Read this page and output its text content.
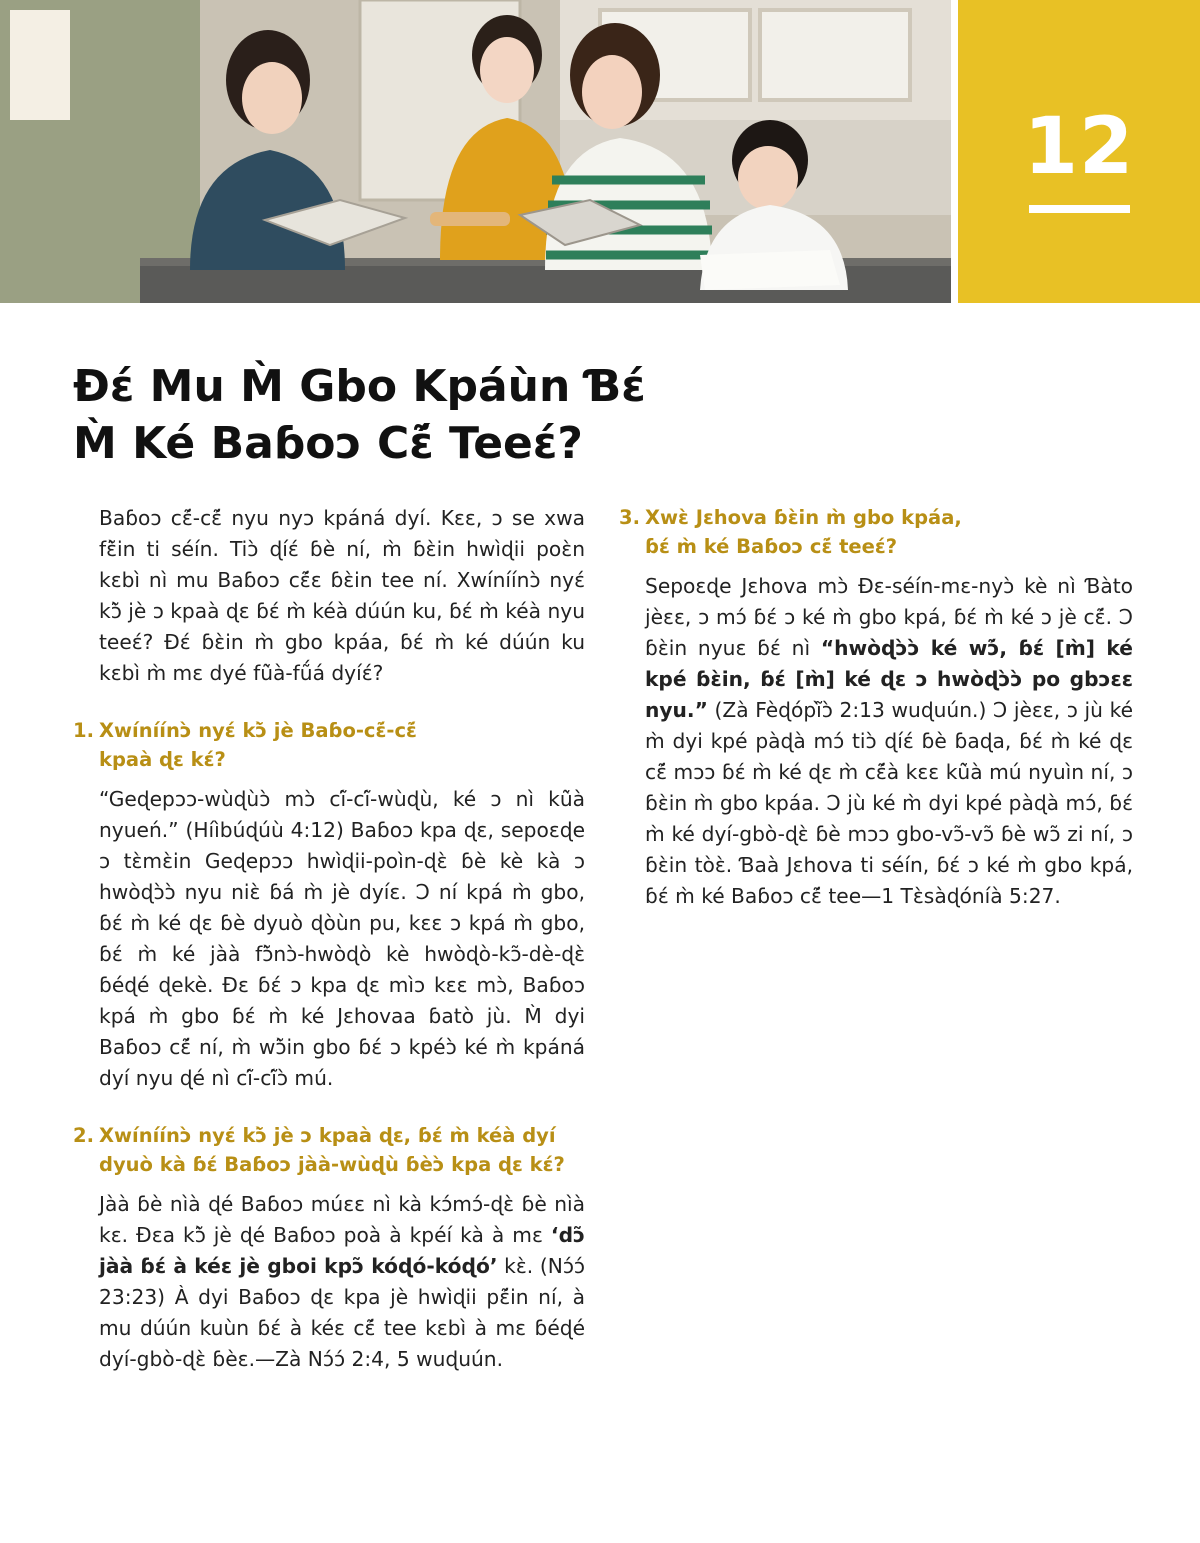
12
Ɖɛ́ Mu M̀ Gbo Kpáùn Ɓɛ́
M̀ Ké Baɓoɔ Cɛ̃́ Teeɛ́?

Baɓoɔ cɛ̃́-cɛ̃́ nyu nyɔ kpáná dyí. Kɛɛ, ɔ se xwa fɛ̃̀in ti séín. Tiɔ̀ ɖíɛ́ ɓè ní, m̀ ɓɛ̀in hwìɖii poɛ̀n kɛbì nì mu Baɓoɔ cɛ̃́ɛ ɓɛ̀in tee ní. Xwíníínɔ̀ nyɛ́ kɔ̃̀ jè ɔ kpaà ɖɛ ɓɛ́ m̀ kéà dúún ku, ɓɛ́ m̀ kéà nyu teeɛ́? Ɖɛ́ ɓɛ̀in m̀ gbo kpáa, ɓɛ́ m̀ ké dúún ku kɛbì m̀ mɛ dyé fũ̀à-fṹá dyíɛ́?

1. Xwíníínɔ̀ nyɛ́ kɔ̃̀ jè Baɓo-cɛ̃́-cɛ̃́
kpaà ɖɛ kɛ́?

“Geɖepɔɔ-wùɖùɔ̀ mɔ̀ cĩ́-cĩ́-wùɖù, ké ɔ nì kũ̀à nyueń.” (Híìbúɖúù 4:12) Baɓoɔ kpa ɖɛ, sepoɛɖe ɔ tɛ̀mɛ̀in Geɖepɔɔ hwìɖii-poìn-ɖɛ̀ ɓè kè kà ɔ hwòɖɔ̀ɔ̀ nyu niɛ̀ ɓá m̀ jè dyíɛ. Ɔ ní kpá m̀ gbo, ɓɛ́ m̀ ké ɖɛ ɓè dyuò ɖòùn pu, kɛɛ ɔ kpá m̀ gbo, ɓɛ́ m̀ ké jàà fɔ̃̀nɔ̀-hwòɖò kè hwòɖò-kɔ̃-dè-ɖɛ̀ ɓéɖé ɖekè. Ɖɛ ɓɛ́ ɔ kpa ɖɛ mìɔ kɛɛ mɔ̀, Baɓoɔ kpá m̀ gbo ɓɛ́ m̀ ké Jɛhovaa ɓatò jù. M̀ dyi Baɓoɔ cɛ̃́ ní, m̀ wɔ̃̀in gbo ɓɛ́ ɔ kpéɔ̀ ké m̀ kpáná dyí nyu ɖé nì cĩ́-cĩ́ɔ̀ mú.

2. Xwíníínɔ̀ nyɛ́ kɔ̃̀ jè ɔ kpaà ɖɛ, ɓɛ́ m̀ kéà dyí
dyuò kà ɓɛ́ Baɓoɔ jàà-wùɖù ɓèɔ̀ kpa ɖɛ kɛ́?

Jàà ɓè nìà ɖé Baɓoɔ múɛɛ nì kà kɔ́mɔ́-ɖɛ̀ ɓè nìà kɛ. Ɖɛa kɔ̃̀ jè ɖé Baɓoɔ poà à kpéí kà à mɛ ‘dɔ̃ jàà ɓɛ́ à kéɛ jè gboi kpɔ̃ kóɖó-kóɖó’ kɛ̀. (Nɔ́ɔ́ 23:23) À dyi Baɓoɔ ɖɛ kpa jè hwìɖii pɛ̃́in ní, à mu dúún kuùn ɓɛ́ à kéɛ cɛ̃́ tee kɛbì à mɛ ɓéɖé dyí-gbò-ɖɛ̀ ɓèɛ.—Zà Nɔ́ɔ́ 2:4, 5 wuɖuún.

3. Xwɛ̀ Jɛhova ɓɛ̀in m̀ gbo kpáa,
ɓɛ́ m̀ ké Baɓoɔ cɛ̃́ teeɛ́?

Sepoɛɖe Jɛhova mɔ̀ Ɖɛ-séín-mɛ-nyɔ̀ kè nì Ɓàto jèɛɛ, ɔ mɔ́ ɓɛ́ ɔ ké m̀ gbo kpá, ɓɛ́ m̀ ké ɔ jè cɛ̃́. Ɔ ɓɛ̀in nyuɛ ɓɛ́ nì “hwòɖɔ̀ɔ̀ ké wɔ̃́, ɓɛ́ [m̀] ké kpé ɓɛ̀in, ɓɛ́ [m̀] ké ɖɛ ɔ hwòɖɔ̀ɔ̀ po gbɔɛɛ nyu.” (Zà Fèɖópĩ̀ɔ̀ 2:13 wuɖuún.) Ɔ jèɛɛ, ɔ jù ké m̀ dyi kpé pàɖà mɔ́ tiɔ̀ ɖíɛ́ ɓè ɓaɖa, ɓɛ́ m̀ ké ɖɛ cɛ̃́ mɔɔ ɓɛ́ m̀ ké ɖɛ m̀ cɛ̃́à kɛɛ kũ̀à mú nyuìn ní, ɔ ɓɛ̀in m̀ gbo kpáa. Ɔ jù ké m̀ dyi kpé pàɖà mɔ́, ɓɛ́ m̀ ké dyí-gbò-ɖɛ̀ ɓè mɔɔ gbo-vɔ̃-vɔ̃ ɓè wɔ̃ zi ní, ɔ ɓɛ̀in tòɛ̀. Ɓaà Jɛhova ti séín, ɓɛ́ ɔ ké m̀ gbo kpá, ɓɛ́ m̀ ké Baɓoɔ cɛ̃́ tee—1 Tɛ̀sàɖóníà 5:27.
